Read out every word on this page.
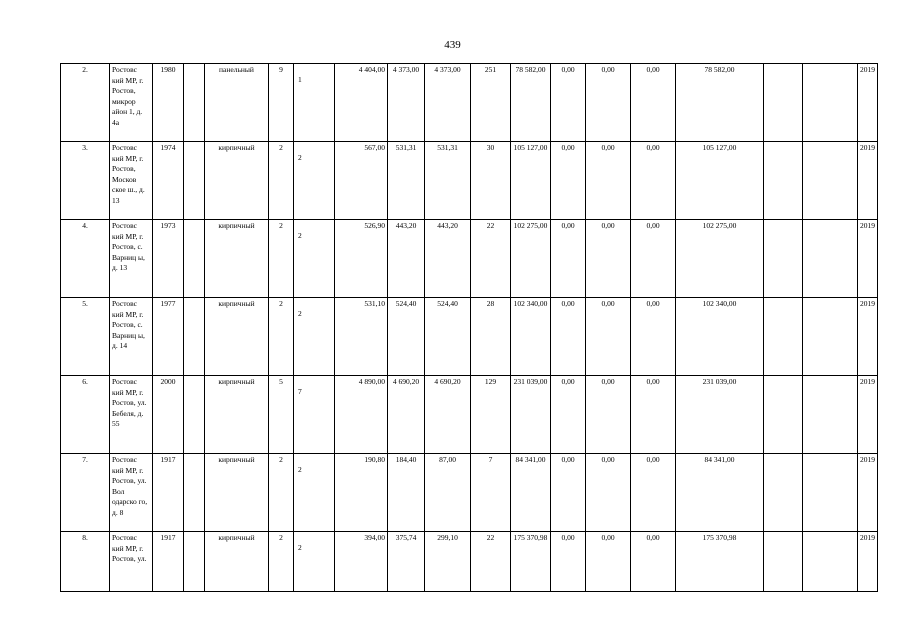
439
2.	Ростовс кий МР, г. Ростов, микрор айон 1, д. 4а	1980		панельный	9	1	4 404,00	4 373,00	4 373,00	251	78 582,00	0,00	0,00	0,00	78 582,00			2019
3.	Ростовс кий МР, г. Ростов, Москов ское ш., д. 13	1974		кирпичный	2	2	567,00	531,31	531,31	30	105 127,00	0,00	0,00	0,00	105 127,00			2019
4.	Ростовс кий МР, г. Ростов, с. Варниц ы, д. 13	1973		кирпичный	2	2	526,90	443,20	443,20	22	102 275,00	0,00	0,00	0,00	102 275,00			2019
5.	Ростовс кий МР, г. Ростов, с. Варниц ы, д. 14	1977		кирпичный	2	2	531,10	524,40	524,40	28	102 340,00	0,00	0,00	0,00	102 340,00			2019
6.	Ростовс кий МР, г. Ростов, ул. Бебеля, д. 55	2000		кирпичный	5	7	4 890,00	4 690,20	4 690,20	129	231 039,00	0,00	0,00	0,00	231 039,00			2019
7.	Ростовс кий МР, г. Ростов, ул. Вол одарско го, д. 8	1917		кирпичный	2	2	190,80	184,40	87,00	7	84 341,00	0,00	0,00	0,00	84 341,00			2019
8.	Ростовс кий МР, г. Ростов, ул.	1917		кирпичный	2	2	394,00	375,74	299,10	22	175 370,98	0,00	0,00	0,00	175 370,98			2019
